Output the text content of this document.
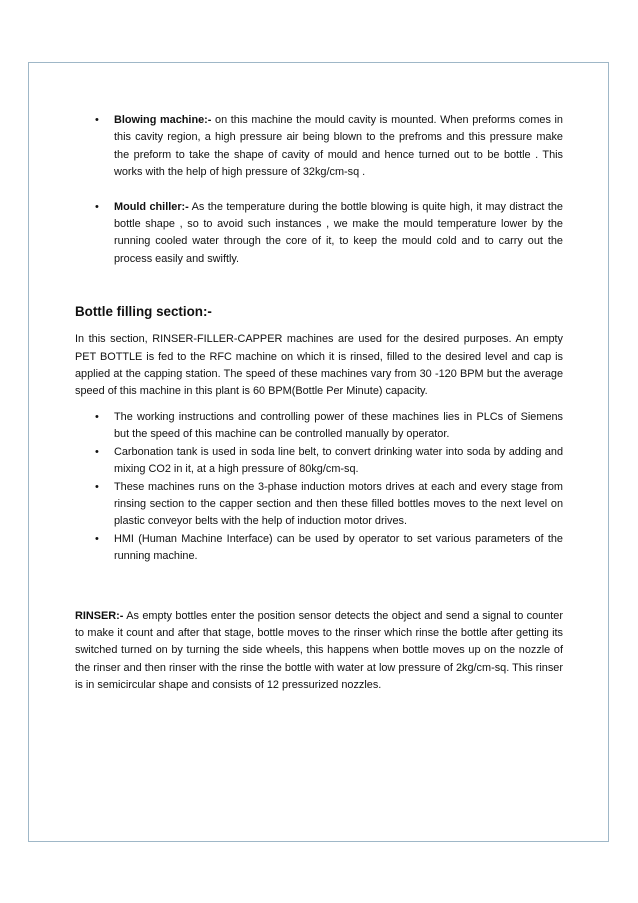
• Blowing machine:- on this machine the mould cavity is mounted. When preforms comes in this cavity region, a high pressure air being blown to the prefroms and this pressure make the preform to take the shape of cavity of mould and hence turned out to be bottle . This works with the help of high pressure of 32kg/cm-sq .
• Mould chiller:- As the temperature during the bottle blowing is quite high, it may distract the bottle shape , so to avoid such instances , we make the mould temperature lower by the running cooled water through the core of it, to keep the mould cold and to carry out the process easily and swiftly.
Bottle filling section:-

In this section, RINSER-FILLER-CAPPER machines are used for the desired purposes. An empty PET BOTTLE is fed to the RFC machine on which it is rinsed, filled to the desired level and cap is applied at the capping station. The speed of these machines vary from 30 -120 BPM but the average speed of this machine in this plant is 60 BPM(Bottle Per Minute) capacity.

• The working instructions and controlling power of these machines lies in PLCs of Siemens but the speed of this machine can be controlled manually by operator.
• Carbonation tank is used in soda line belt, to convert drinking water into soda by adding and mixing CO2 in it, at a high pressure of 80kg/cm-sq.
• These machines runs on the 3-phase induction motors drives at each and every stage from rinsing section to the capper section and then these filled bottles moves to the next level on plastic conveyor belts with the help of induction motor drives.
• HMI (Human Machine Interface) can be used by operator to set various parameters of the running machine.

RINSER:- As empty bottles enter the position sensor detects the object and send a signal to counter to make it count and after that stage, bottle moves to the rinser which rinse the bottle after getting its switched turned on by turning the side wheels, this happens when bottle moves up on the nozzle of the rinser and then rinser with the rinse the bottle with water at low pressure of 2kg/cm-sq. This rinser is in semicircular shape and consists of 12 pressurized nozzles.
